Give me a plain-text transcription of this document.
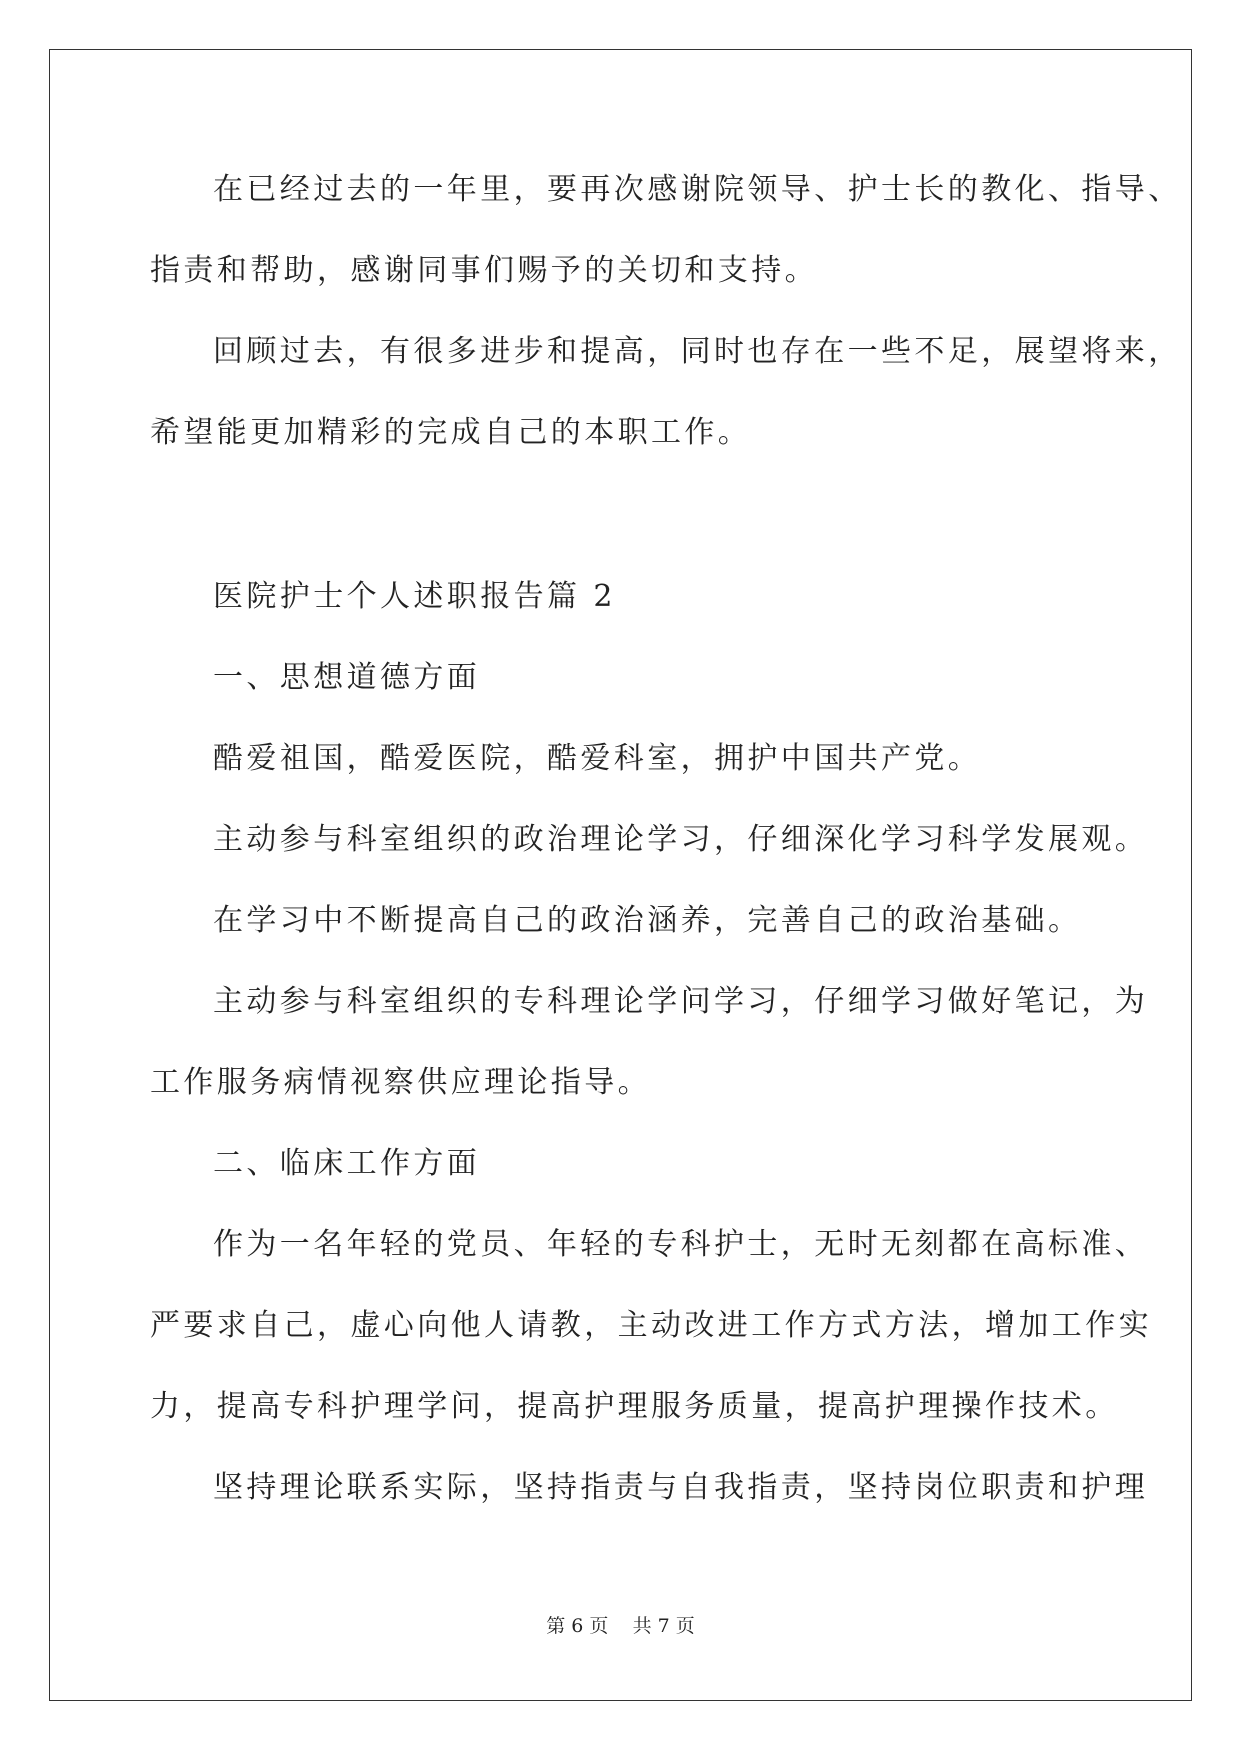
在已经过去的一年里，要再次感谢院领导、护士长的教化、指导、
指责和帮助，感谢同事们赐予的关切和支持。
回顾过去，有很多进步和提高，同时也存在一些不足，展望将来，
希望能更加精彩的完成自己的本职工作。
医院护士个人述职报告篇 2
一、思想道德方面
酷爱祖国，酷爱医院，酷爱科室，拥护中国共产党。
主动参与科室组织的政治理论学习，仔细深化学习科学发展观。
在学习中不断提高自己的政治涵养，完善自己的政治基础。
主动参与科室组织的专科理论学问学习，仔细学习做好笔记，为
工作服务病情视察供应理论指导。
二、临床工作方面
作为一名年轻的党员、年轻的专科护士，无时无刻都在高标准、
严要求自己，虚心向他人请教，主动改进工作方式方法，增加工作实
力，提高专科护理学问，提高护理服务质量，提高护理操作技术。
坚持理论联系实际，坚持指责与自我指责，坚持岗位职责和护理
第 6 页 共 7 页
